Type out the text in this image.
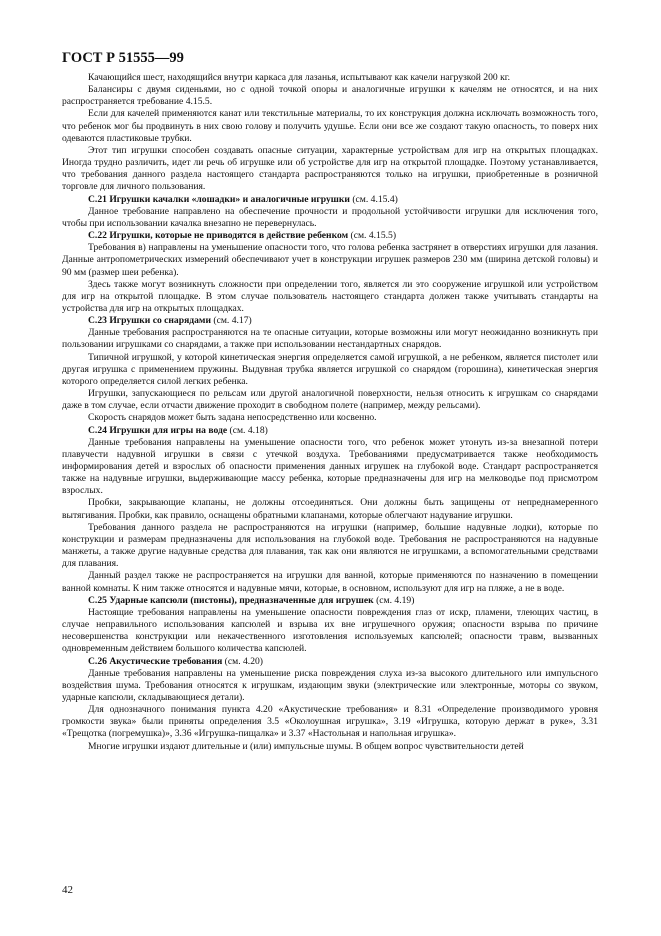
ГОСТ Р 51555—99

Качающийся шест, находящийся внутри каркаса для лазанья, испытывают как качели нагрузкой 200 кг.

Балансиры с двумя сиденьями, но с одной точкой опоры и аналогичные игрушки к качелям не относятся, и на них распространяется требование 4.15.5.

Если для качелей применяются канат или текстильные материалы, то их конструкция должна исключать возможность того, что ребенок мог бы продвинуть в них свою голову и получить удушье. Если они все же создают такую опасность, то поверх них одеваются пластиковые трубки.

Этот тип игрушки способен создавать опасные ситуации, характерные устройствам для игр на открытых площадках. Иногда трудно различить, идет ли речь об игрушке или об устройстве для игр на открытой площадке. Поэтому устанавливается, что требования данного раздела настоящего стандарта распространяются только на игрушки, приобретенные в розничной торговле для личного пользования.

С.21 Игрушки качалки «лошадки» и аналогичные игрушки (см. 4.15.4)

Данное требование направлено на обеспечение прочности и продольной устойчивости игрушки для исключения того, чтобы при использовании качалка внезапно не перевернулась.

С.22 Игрушки, которые не приводятся в действие ребенком (см. 4.15.5)

Требования в) направлены на уменьшение опасности того, что голова ребенка застрянет в отверстиях игрушки для лазания. Данные антропометрических измерений обеспечивают учет в конструкции игрушек размеров 230 мм (ширина детской головы) и 90 мм (размер шеи ребенка).

Здесь также могут возникнуть сложности при определении того, является ли это сооружение игрушкой или устройством для игр на открытой площадке. В этом случае пользователь настоящего стандарта должен также учитывать стандарты на устройства для игр на открытых площадках.

С.23 Игрушки со снарядами (см. 4.17)

Данные требования распространяются на те опасные ситуации, которые возможны или могут неожиданно возникнуть при пользовании игрушками со снарядами, а также при использовании нестандартных снарядов.

Типичной игрушкой, у которой кинетическая энергия определяется самой игрушкой, а не ребенком, является пистолет или другая игрушка с применением пружины. Выдувная трубка является игрушкой со снарядом (горошина), кинетическая энергия которого определяется силой легких ребенка.

Игрушки, запускающиеся по рельсам или другой аналогичной поверхности, нельзя относить к игрушкам со снарядами даже в том случае, если отчасти движение проходит в свободном полете (например, между рельсами).

Скорость снарядов может быть задана непосредственно или косвенно.

С.24 Игрушки для игры на воде (см. 4.18)

Данные требования направлены на уменьшение опасности того, что ребенок может утонуть из-за внезапной потери плавучести надувной игрушки в связи с утечкой воздуха. Требованиями предусматривается также необходимость информирования детей и взрослых об опасности применения данных игрушек на глубокой воде. Стандарт распространяется также на надувные игрушки, выдерживающие массу ребенка, которые предназначены для игр на мелководье под присмотром взрослых.

Пробки, закрывающие клапаны, не должны отсоединяться. Они должны быть защищены от непреднамеренного вытягивания. Пробки, как правило, оснащены обратными клапанами, которые облегчают надувание игрушки.

Требования данного раздела не распространяются на игрушки (например, большие надувные лодки), которые по конструкции и размерам предназначены для использования на глубокой воде. Требования не распространяются на надувные манжеты, а также другие надувные средства для плавания, так как они являются не игрушками, а вспомогательными средствами для плавания.

Данный раздел также не распространяется на игрушки для ванной, которые применяются по назначению в помещении ванной комнаты. К ним также относятся и надувные мячи, которые, в основном, используют для игр на пляже, а не в воде.

С.25 Ударные капсюли (пистоны), предназначенные для игрушек (см. 4.19)

Настоящие требования направлены на уменьшение опасности повреждения глаз от искр, пламени, тлеющих частиц, в случае неправильного использования капсюлей и взрыва их вне игрушечного оружия; опасности взрыва по причине несовершенства конструкции или некачественного изготовления используемых капсюлей; опасности травм, вызванных одновременным действием большого количества капсюлей.

С.26 Акустические требования (см. 4.20)

Данные требования направлены на уменьшение риска повреждения слуха из-за высокого длительного или импульсного воздействия шума. Требования относятся к игрушкам, издающим звуки (электрические или электронные, моторы со звуком, ударные капсюли, складывающиеся детали).

Для однозначного понимания пункта 4.20 «Акустические требования» и 8.31 «Определение производимого уровня громкости звука» были приняты определения 3.5 «Околоушная игрушка», 3.19 «Игрушка, которую держат в руке», 3.31 «Трещотка (погремушка)», 3.36 «Игрушка-пищалка» и 3.37 «Настольная и напольная игрушка».

Многие игрушки издают длительные и (или) импульсные шумы. В общем вопрос чувствительности детей

42
